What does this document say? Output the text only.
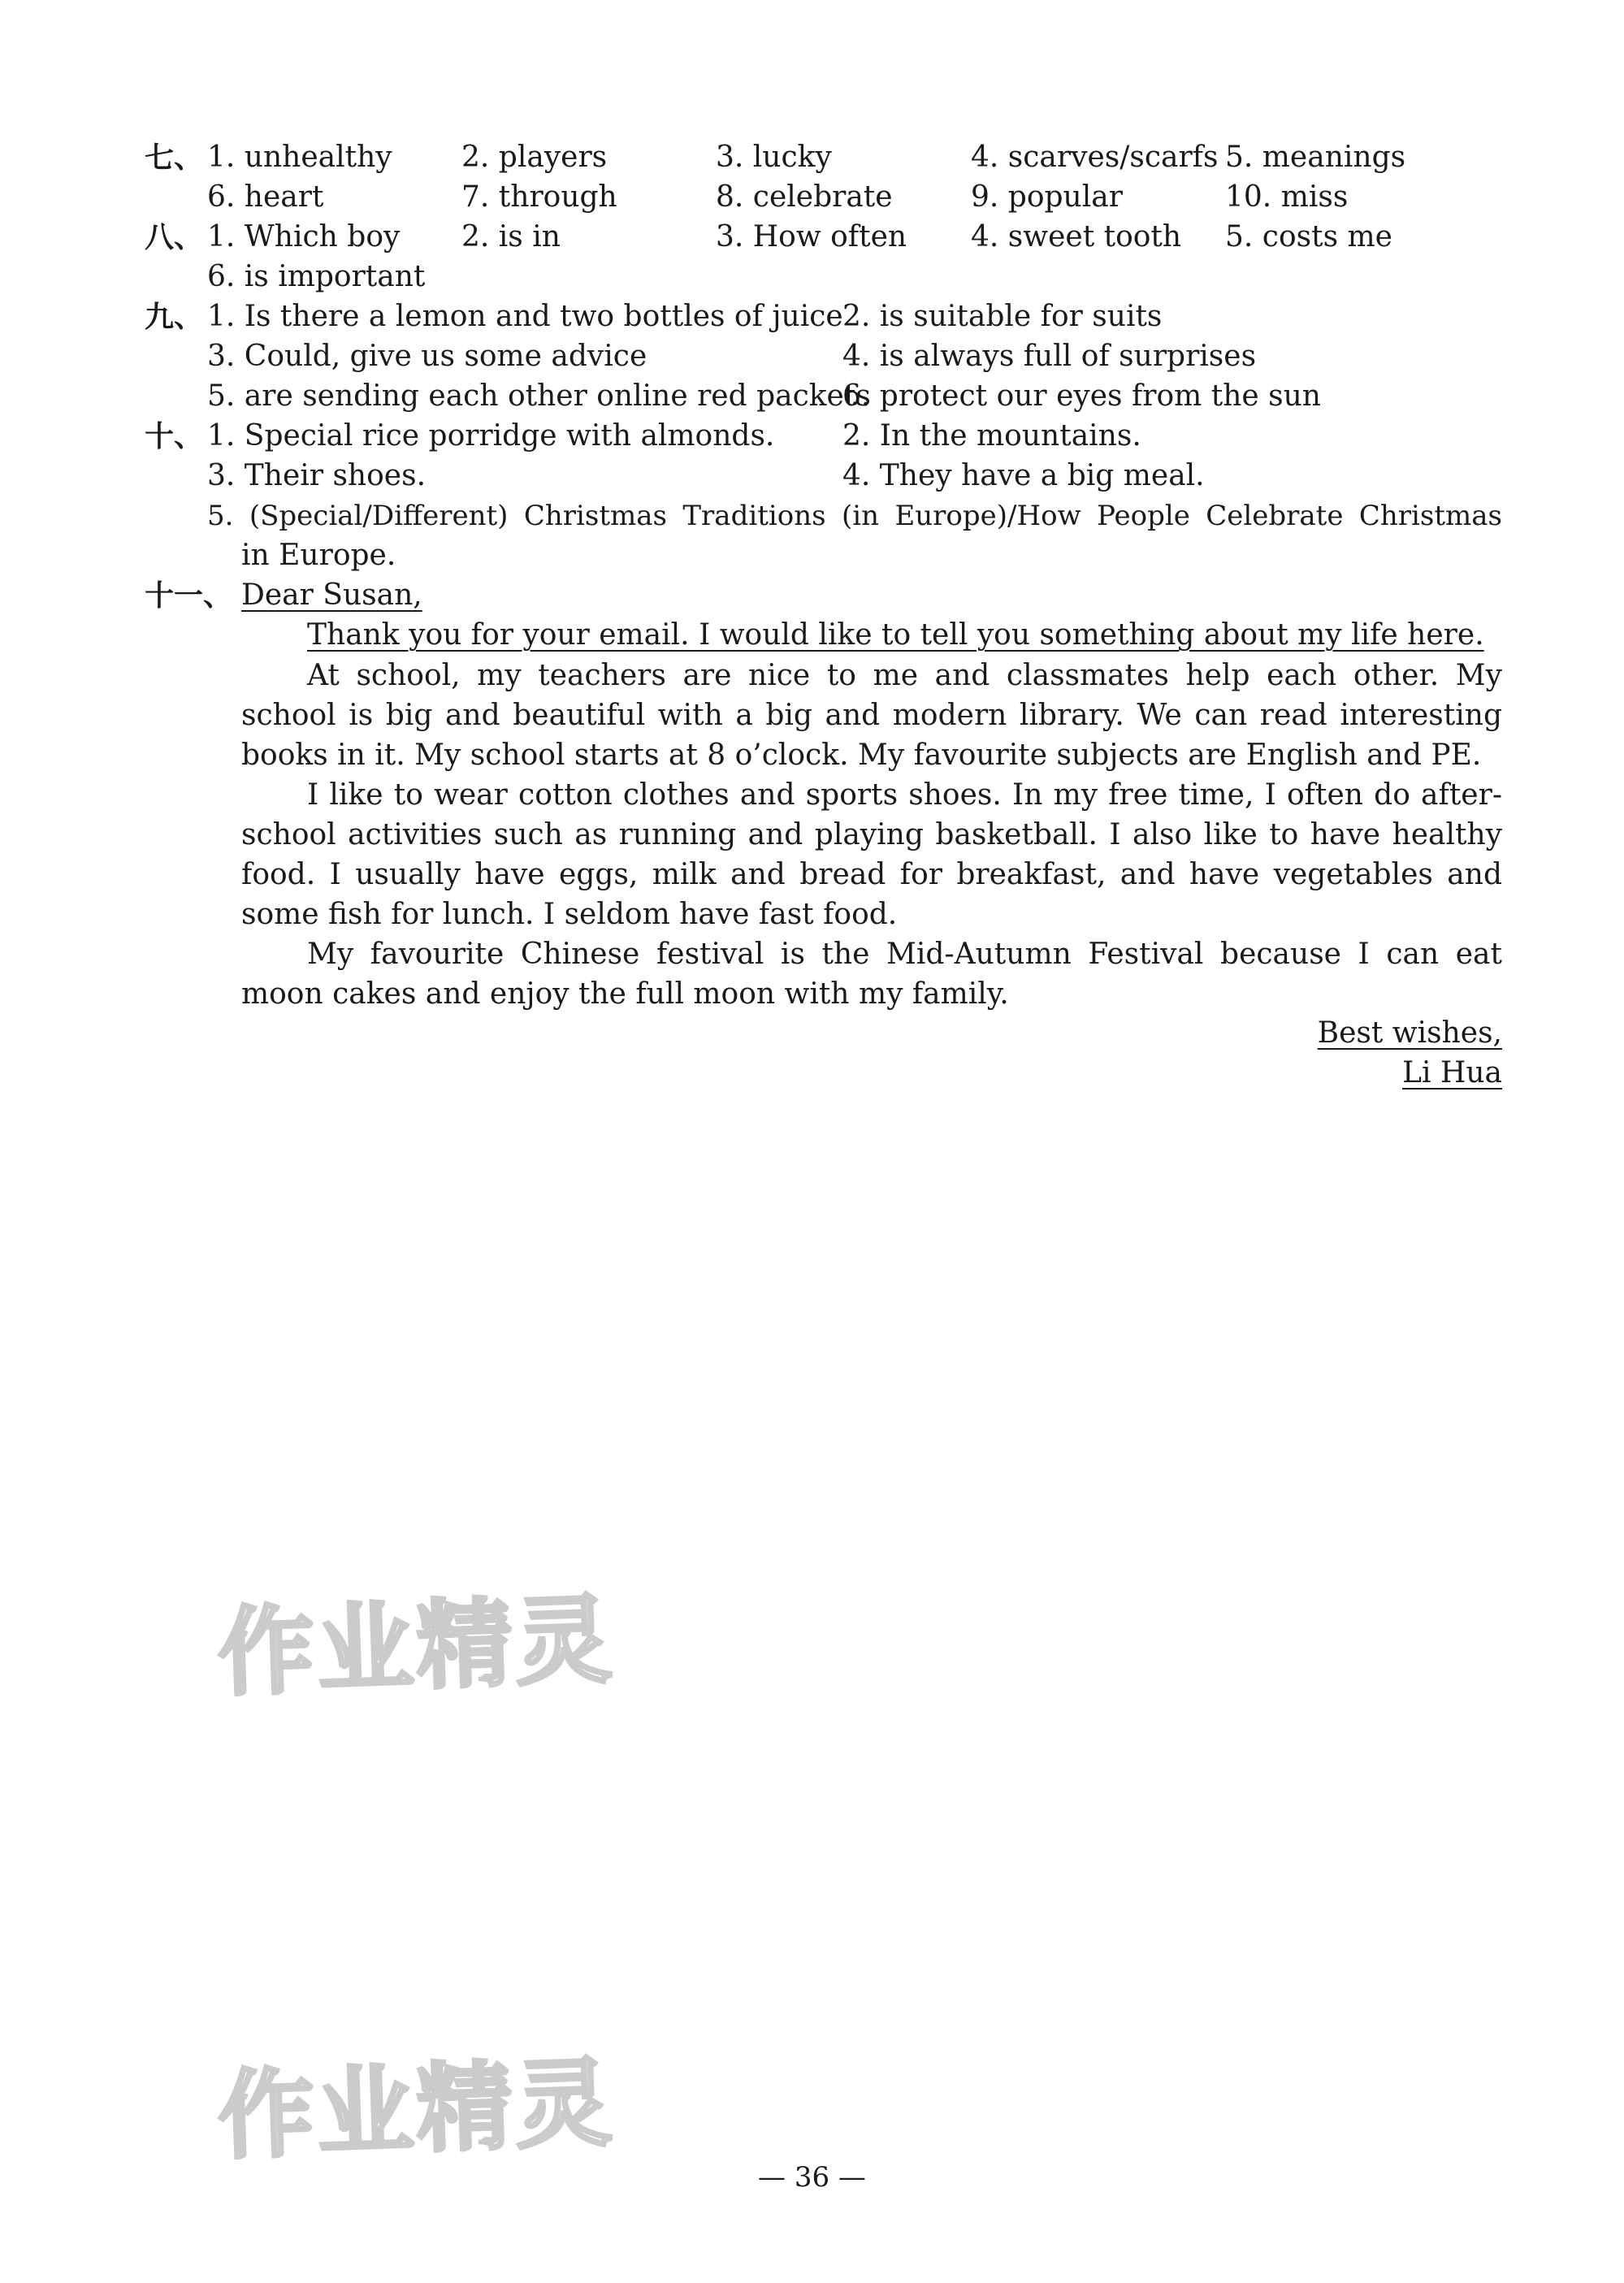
七、 1. unhealthy 2. players	3. lucky	4. scarves/scarfs 5. meanings
6. heart	7. through	8. celebrate	9. popular	10. miss
八、 1. Which boy 2. is in	3. How often 4. sweet tooth 5. costs me
6. is important
九、 1. Is there a lemon and two bottles of juice 2. is suitable for suits
3. Could, give us some advice	4. is always full of surprises
5. are sending each other online red packets
6. protect our eyes from the sun
十、 1. Special rice porridge with almonds. 2. In the mountains.
3. Their shoes.	4. They have a big meal.
5. (Special/Different) Christmas Traditions (in Europe)/How People Celebrate Christmas
in Europe.
十一、 Dear Susan,
Thank you for your email. I would like to tell you something about my life here.
At school, my teachers are nice to me and classmates help each other. My school is big and beautiful with a big and modern library. We can read interesting books in it. My school starts at 8 o’clock. My favourite subjects are English and PE.
I like to wear cotton clothes and sports shoes. In my free time, I often do after-school activities such as running and playing basketball. I also like to have healthy food. I usually have eggs, milk and bread for breakfast, and have vegetables and some fish for lunch. I seldom have fast food.
My favourite Chinese festival is the Mid-Autumn Festival because I can eat moon cakes and enjoy the full moon with my family.
Best wishes,
Li Hua
作业精灵
作业精灵
— 36 —
